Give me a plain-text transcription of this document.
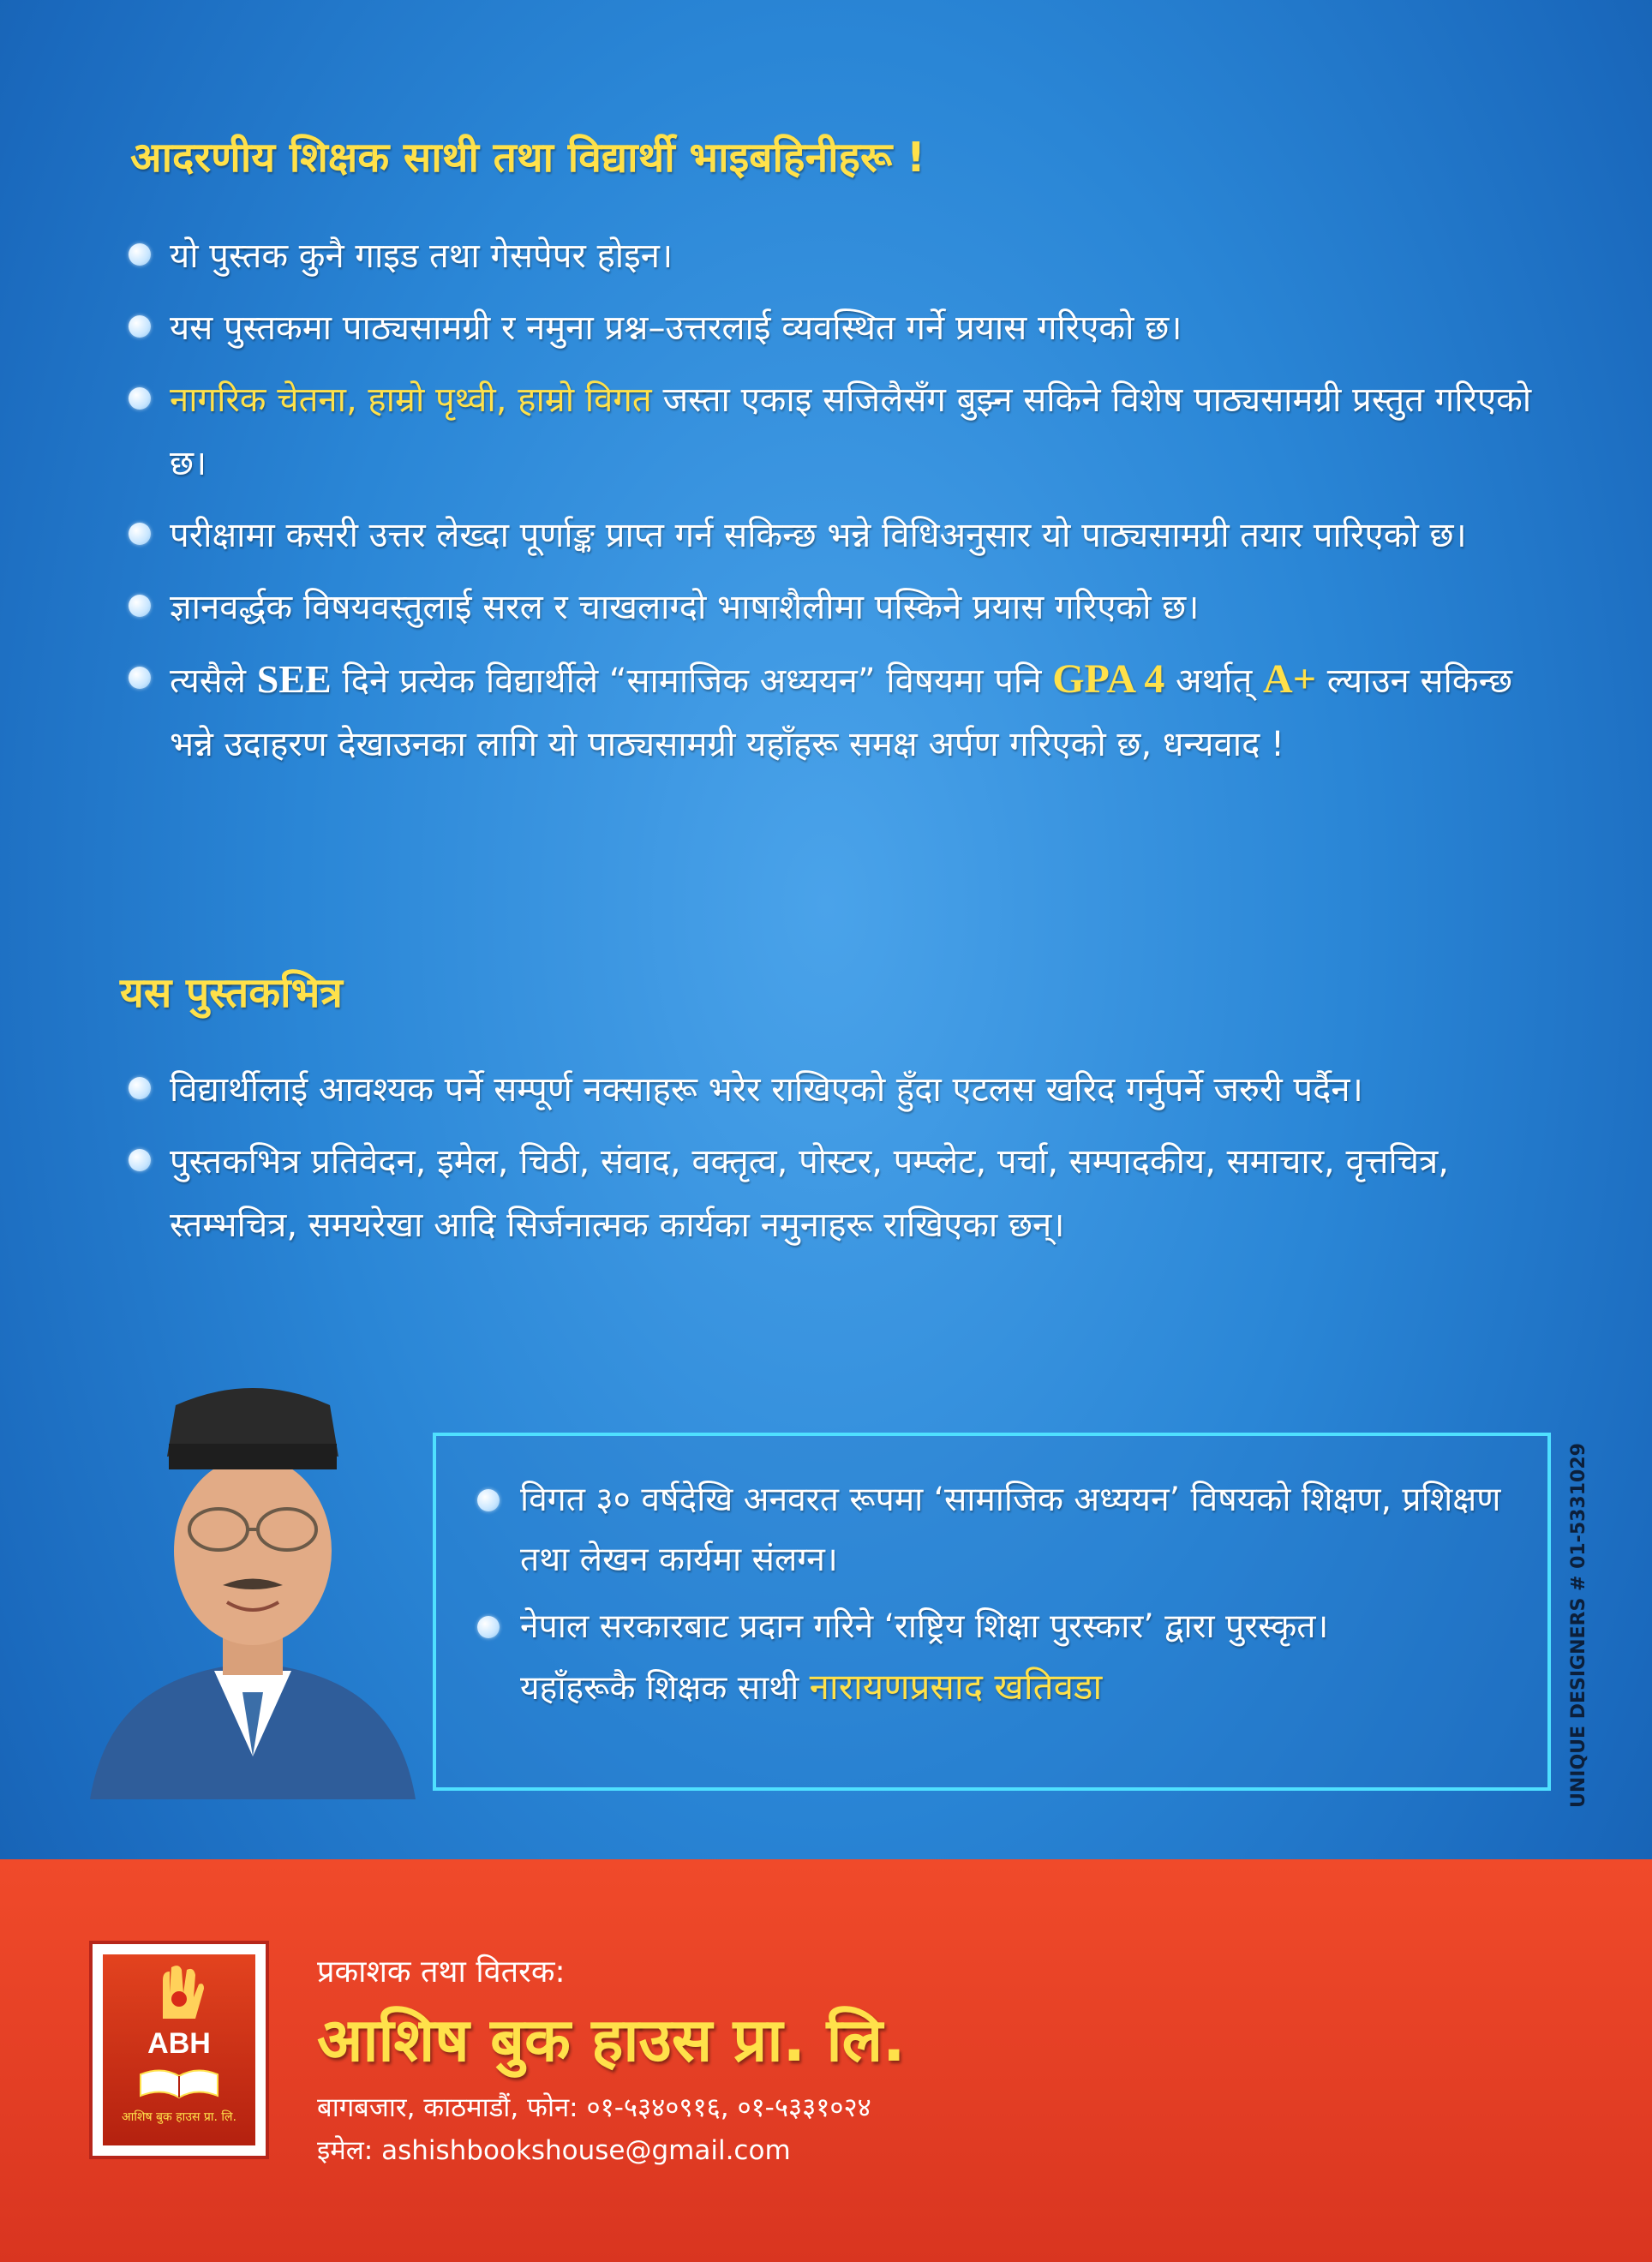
आदरणीय शिक्षक साथी तथा विद्यार्थी भाइबहिनीहरू !
यो पुस्तक कुनै गाइड तथा गेसपेपर होइन।
यस पुस्तकमा पाठ्यसामग्री र नमुना प्रश्न–उत्तरलाई व्यवस्थित गर्ने प्रयास गरिएको छ।
नागरिक चेतना, हाम्रो पृथ्वी, हाम्रो विगत जस्ता एकाइ सजिलैसँग बुझ्न सकिने विशेष पाठ्यसामग्री प्रस्तुत गरिएको छ।
परीक्षामा कसरी उत्तर लेख्दा पूर्णाङ्क प्राप्त गर्न सकिन्छ भन्ने विधिअनुसार यो पाठ्यसामग्री तयार पारिएको छ।
ज्ञानवर्द्धक विषयवस्तुलाई सरल र चाखलाग्दो भाषाशैलीमा पस्किने प्रयास गरिएको छ।
त्यसैले SEE दिने प्रत्येक विद्यार्थीले “सामाजिक अध्ययन” विषयमा पनि GPA 4 अर्थात् A+ ल्याउन सकिन्छ भन्ने उदाहरण देखाउनका लागि यो पाठ्यसामग्री यहाँहरू समक्ष अर्पण गरिएको छ, धन्यवाद !
यस पुस्तकभित्र
विद्यार्थीलाई आवश्यक पर्ने सम्पूर्ण नक्साहरू भरेर राखिएको हुँदा एटलस खरिद गर्नुपर्ने जरुरी पर्दैन।
पुस्तकभित्र प्रतिवेदन, इमेल, चिठी, संवाद, वक्तृत्व, पोस्टर, पम्प्लेट, पर्चा, सम्पादकीय, समाचार, वृत्तचित्र, स्तम्भचित्र, समयरेखा आदि सिर्जनात्मक कार्यका नमुनाहरू राखिएका छन्।
विगत ३० वर्षदेखि अनवरत रूपमा ‘सामाजिक अध्ययन’ विषयको शिक्षण, प्रशिक्षण तथा लेखन कार्यमा संलग्न।
नेपाल सरकारबाट प्रदान गरिने ‘राष्ट्रिय शिक्षा पुरस्कार’ द्वारा पुरस्कृत।
यहाँहरूकै शिक्षक साथी नारायणप्रसाद खतिवडा	UNIQUE DESIGNERS # 01-5331029
ABH
आशिष बुक हाउस प्रा. लि.
प्रकाशक तथा वितरक:
आशिष बुक हाउस प्रा. लि.
बागबजार, काठमाडौं, फोन: ०१-५३४०९१६, ०१-५३३१०२४
इमेल: ashishbookshouse@gmail.com
